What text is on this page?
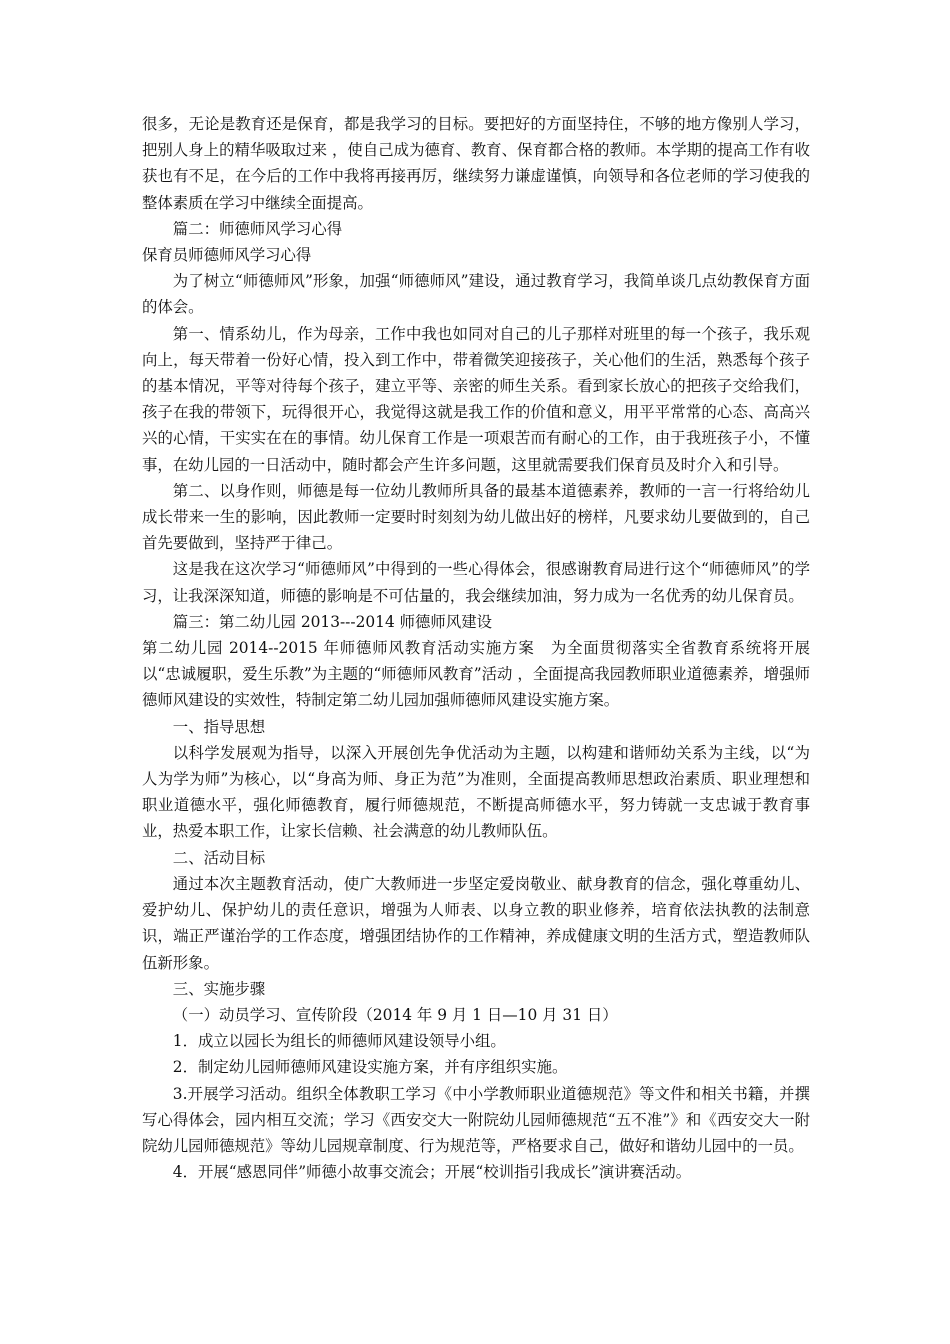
很多，无论是教育还是保育，都是我学习的目标。要把好的方面坚持住，不够的地方像别人学习，把别人身上的精华吸取过来 ，使自己成为德育、教育、保育都合格的教师。本学期的提高工作有收获也有不足，在今后的工作中我将再接再厉，继续努力谦虚谨慎，向领导和各位老师的学习使我的整体素质在学习中继续全面提高。

篇二：师德师风学习心得

保育员师德师风学习心得

为了树立“师德师风”形象，加强“师德师风”建设，通过教育学习，我简单谈几点幼教保育方面的体会。

第一、情系幼儿，作为母亲，工作中我也如同对自己的儿子那样对班里的每一个孩子，我乐观向上，每天带着一份好心情，投入到工作中，带着微笑迎接孩子，关心他们的生活，熟悉每个孩子的基本情况，平等对待每个孩子，建立平等、亲密的师生关系。看到家长放心的把孩子交给我们，孩子在我的带领下，玩得很开心，我觉得这就是我工作的价值和意义，用平平常常的心态、高高兴兴的心情，干实实在在的事情。幼儿保育工作是一项艰苦而有耐心的工作，由于我班孩子小，不懂事，在幼儿园的一日活动中，随时都会产生许多问题，这里就需要我们保育员及时介入和引导。

第二、以身作则，师德是每一位幼儿教师所具备的最基本道德素养，教师的一言一行将给幼儿成长带来一生的影响，因此教师一定要时时刻刻为幼儿做出好的榜样，凡要求幼儿要做到的，自己首先要做到，坚持严于律己。

这是我在这次学习“师德师风”中得到的一些心得体会，很感谢教育局进行这个“师德师风”的学习，让我深深知道，师德的影响是不可估量的，我会继续加油，努力成为一名优秀的幼儿保育员。

篇三：第二幼儿园 2013---2014 师德师风建设

第二幼儿园 2014--2015 年师德师风教育活动实施方案　为全面贯彻落实全省教育系统将开展以“忠诚履职，爱生乐教”为主题的“师德师风教育”活动 ，全面提高我园教师职业道德素养，增强师德师风建设的实效性，特制定第二幼儿园加强师德师风建设实施方案。

一、指导思想

以科学发展观为指导，以深入开展创先争优活动为主题，以构建和谐师幼关系为主线，以“为人为学为师”为核心，以“身高为师、身正为范”为准则，全面提高教师思想政治素质、职业理想和职业道德水平，强化师德教育，履行师德规范，不断提高师德水平，努力铸就一支忠诚于教育事业，热爱本职工作，让家长信赖、社会满意的幼儿教师队伍。

二、活动目标

通过本次主题教育活动，使广大教师进一步坚定爱岗敬业、献身教育的信念，强化尊重幼儿、爱护幼儿、保护幼儿的责任意识，增强为人师表、以身立教的职业修养，培育依法执教的法制意识，端正严谨治学的工作态度，增强团结协作的工作精神，养成健康文明的生活方式，塑造教师队伍新形象。

三、实施步骤

（一）动员学习、宣传阶段（2014 年 9 月 1 日—10 月 31 日）

1．成立以园长为组长的师德师风建设领导小组。

2．制定幼儿园师德师风建设实施方案，并有序组织实施。

3.开展学习活动。组织全体教职工学习《中小学教师职业道德规范》等文件和相关书籍，并撰写心得体会，园内相互交流；学习《西安交大一附院幼儿园师德规范“五不准”》和《西安交大一附院幼儿园师德规范》等幼儿园规章制度、行为规范等，严格要求自己，做好和谐幼儿园中的一员。

4．开展“感恩同伴”师德小故事交流会；开展“校训指引我成长”演讲赛活动。
